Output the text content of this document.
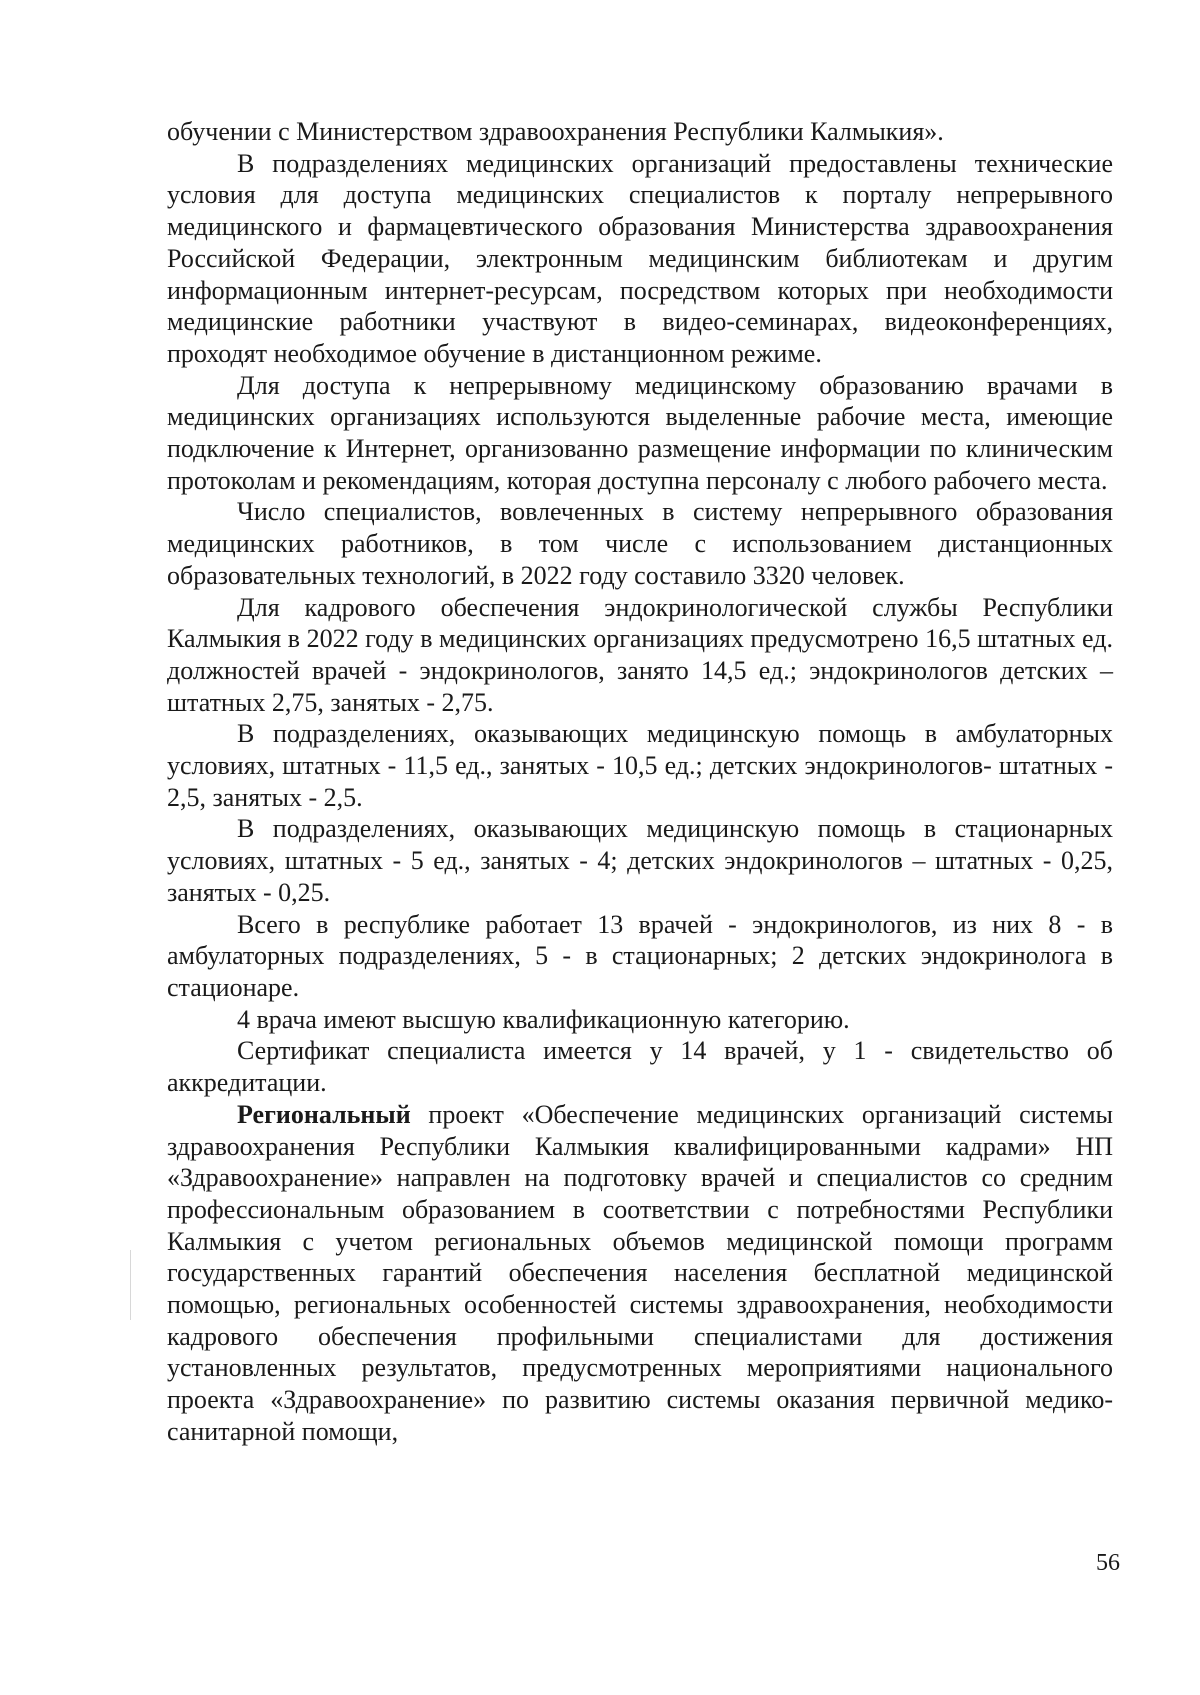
обучении с Министерством здравоохранения Республики Калмыкия».

В подразделениях медицинских организаций предоставлены технические условия для доступа медицинских специалистов к порталу непрерывного медицинского и фармацевтического образования Министерства здравоохранения Российской Федерации, электронным медицинским библиотекам и другим информационным интернет-ресурсам, посредством которых при необходимости медицинские работники участвуют в видео-семинарах, видеоконференциях, проходят необходимое обучение в дистанционном режиме.

Для доступа к непрерывному медицинскому образованию врачами в медицинских организациях используются выделенные рабочие места, имеющие подключение к Интернет, организованно размещение информации по клиническим протоколам и рекомендациям, которая доступна персоналу с любого рабочего места.

Число специалистов, вовлеченных в систему непрерывного образования медицинских работников, в том числе с использованием дистанционных образовательных технологий, в 2022 году составило 3320 человек.

Для кадрового обеспечения эндокринологической службы Республики Калмыкия в 2022 году в медицинских организациях предусмотрено 16,5 штатных ед. должностей врачей - эндокринологов, занято 14,5 ед.; эндокринологов детских – штатных 2,75, занятых - 2,75.

В подразделениях, оказывающих медицинскую помощь в амбулаторных условиях, штатных - 11,5 ед., занятых - 10,5 ед.; детских эндокринологов- штатных - 2,5, занятых - 2,5.

В подразделениях, оказывающих медицинскую помощь в стационарных условиях, штатных - 5 ед., занятых - 4; детских эндокринологов – штатных - 0,25, занятых - 0,25.

Всего в республике работает 13 врачей - эндокринологов, из них 8 - в амбулаторных подразделениях, 5 - в стационарных; 2 детских эндокринолога в стационаре.

4 врача имеют высшую квалификационную категорию.

Сертификат специалиста имеется у 14 врачей, у 1 - свидетельство об аккредитации.

Региональный проект «Обеспечение медицинских организаций системы здравоохранения Республики Калмыкия квалифицированными кадрами» НП «Здравоохранение» направлен на подготовку врачей и специалистов со средним профессиональным образованием в соответствии с потребностями Республики Калмыкия с учетом региональных объемов медицинской помощи программ государственных гарантий обеспечения населения бесплатной медицинской помощью, региональных особенностей системы здравоохранения, необходимости кадрового обеспечения профильными специалистами для достижения установленных результатов, предусмотренных мероприятиями национального проекта «Здравоохранение» по развитию системы оказания первичной медико-санитарной помощи,

56
